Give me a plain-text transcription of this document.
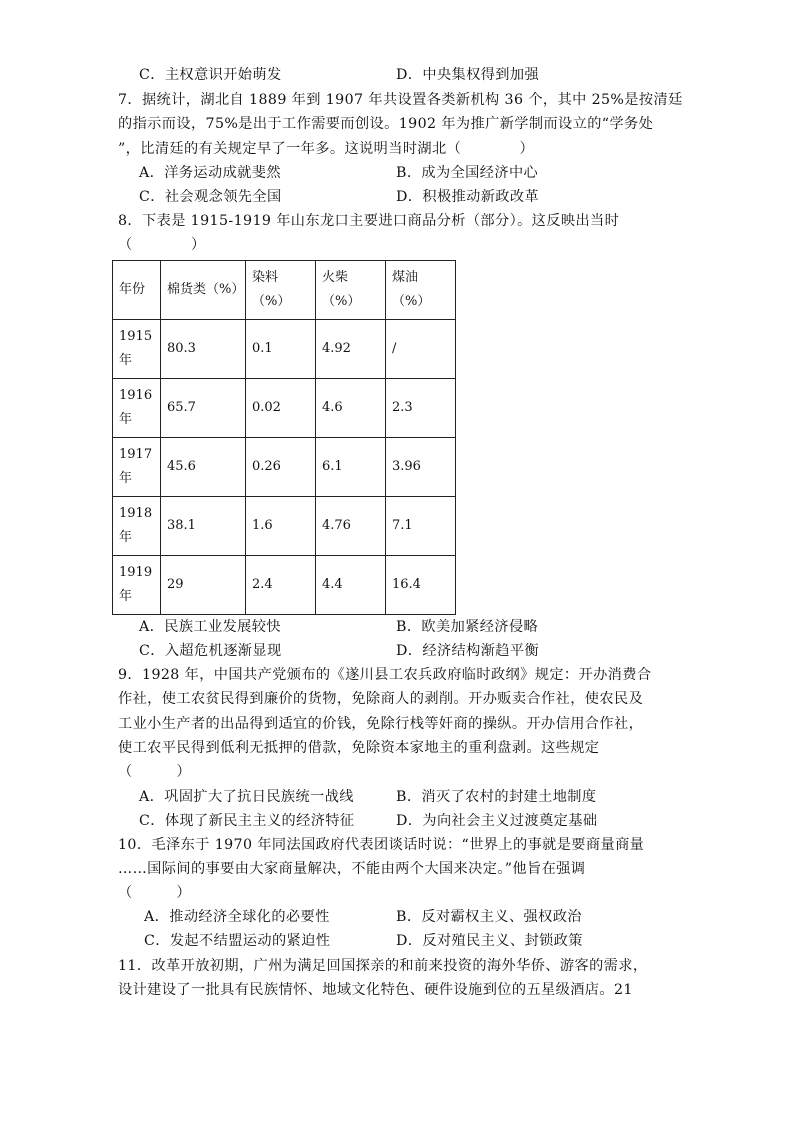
C．主权意识开始萌发	D．中央集权得到加强
7．据统计，湖北自 1889 年到 1907 年共设置各类新机构 36 个，其中 25%是按清廷
的指示而设，75%是出于工作需要而创设。1902 年为推广新学制而设立的“学务处
”，比清廷的有关规定早了一年多。这说明当时湖北（　　　　）
A．洋务运动成就斐然	B．成为全国经济中心
C．社会观念领先全国	D．积极推动新政改革
8．下表是 1915-1919 年山东龙口主要进口商品分析（部分）。这反映出当时
（　　　　）
年份	棉货类（%）	染料（%）	火柴（%）	煤油（%）
1915年	80.3	0.1	4.92	/
1916年	65.7	0.02	4.6	2.3
1917年	45.6	0.26	6.1	3.96
1918年	38.1	1.6	4.76	7.1
1919年	29	2.4	4.4	16.4
A．民族工业发展较快	B．欧美加紧经济侵略
C．入超危机逐渐显现	D．经济结构渐趋平衡
9．1928 年，中国共产党颁布的《遂川县工农兵政府临时政纲》规定：开办消费合
作社，使工农贫民得到廉价的货物，免除商人的剥削。开办贩卖合作社，使农民及
工业小生产者的出品得到适宜的价钱，免除行栈等奸商的操纵。开办信用合作社，
使工农平民得到低利无抵押的借款，免除资本家地主的重利盘剥。这些规定
（　　　）
A．巩固扩大了抗日民族统一战线	B．消灭了农村的封建土地制度
C．体现了新民主主义的经济特征	D．为向社会主义过渡奠定基础
10．毛泽东于 1970 年同法国政府代表团谈话时说：“世界上的事就是要商量商量
……国际间的事要由大家商量解决，不能由两个大国来决定。”他旨在强调
（　　　）
A．推动经济全球化的必要性	B．反对霸权主义、强权政治
C．发起不结盟运动的紧迫性	D．反对殖民主义、封锁政策
11．改革开放初期，广州为满足回国探亲的和前来投资的海外华侨、游客的需求，
设计建设了一批具有民族情怀、地域文化特色、硬件设施到位的五星级酒店。21
